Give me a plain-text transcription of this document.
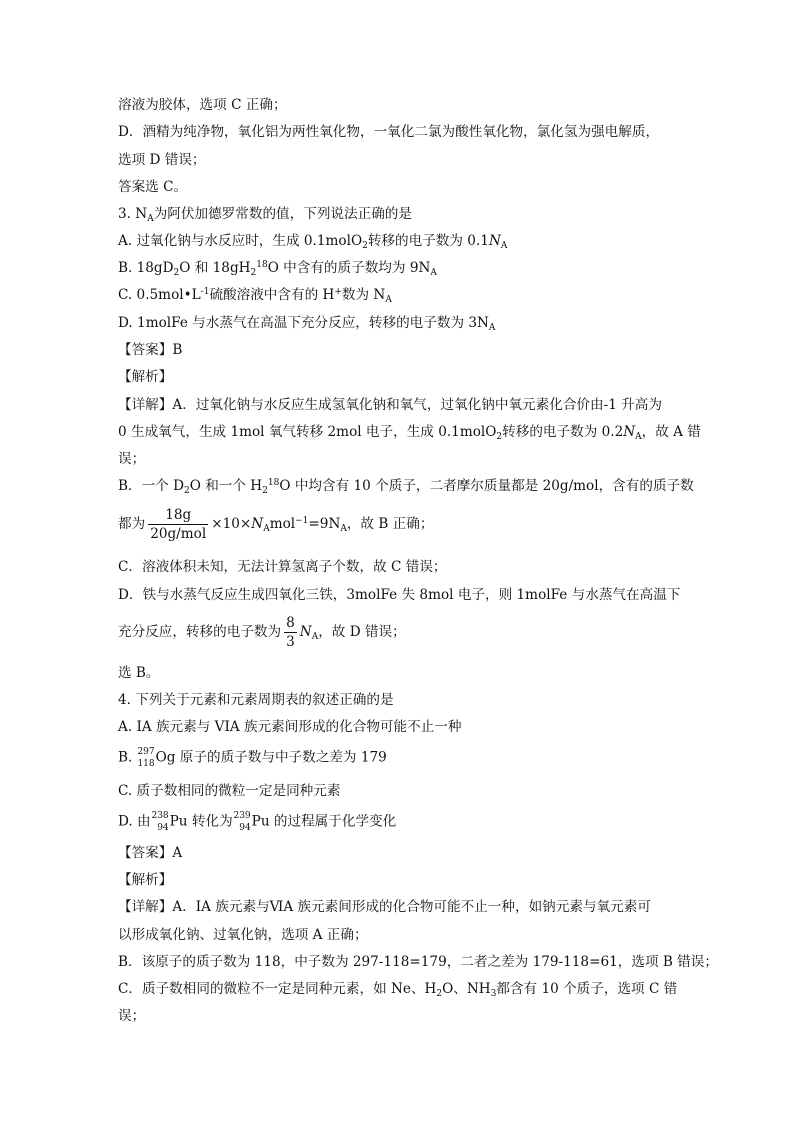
溶液为胶体，选项 C 正确；
D．酒精为纯净物，氧化铝为两性氧化物，一氧化二氯为酸性氧化物，氯化氢为强电解质，
选项 D 错误；
答案选 C。
3. $N_A$为阿伏加德罗常数的值，下列说法正确的是
A. 过氧化钠与水反应时，生成 0.1molO$_2$转移的电子数为 $0.1N_A$
B. $18gD_2O$ 和 $18gH_2^{18}O$ 中含有的质子数均为 $9N_A$
C. $0.5mol•L^{-1}$硫酸溶液中含有的 H+数为 $N_A$
D. 1molFe 与水蒸气在高温下充分反应，转移的电子数为 $3N_A$
【答案】B
【解析】
【详解】A．过氧化钠与水反应生成氢氧化钠和氧气，过氧化钠中氧元素化合价由-1 升高为
0 生成氧气，生成 1mol 氧气转移 2mol 电子，生成 0.1molO$_2$转移的电子数为 $0.2N_A$，故 A 错
误；
B．一个 $D_2O$ 和一个 $H_2^{18}O$ 中均含有 10 个质子，二者摩尔质量都是 20g/mol，含有的质子数
都为 $\frac{18g}{\text{20g/mol}} \times 10\times N_Amol^{-1}=9N_A$，故 B 正确；
C．溶液体积未知，无法计算氢离子个数，故 C 错误；
D．铁与水蒸气反应生成四氧化三铁，3molFe 失 8mol 电子，则 1molFe 与水蒸气在高温下
充分反应，转移的电子数为 $\frac{8}{3} N_A$，故 D 错误；
选 B。
4. 下列关于元素和元素周期表的叙述正确的是
A. IA 族元素与 VIA 族元素间形成的化合物可能不止一种
B. 297
118 Og 原子的质子数与中子数之差为 179
C. 质子数相同的微粒一定是同种元素
D. 由 238
94 Pu 转化为 239
94 Pu 的过程属于化学变化
【答案】A
【解析】
【详解】A．ⅠA 族元素与ⅥA 族元素间形成的化合物可能不止一种，如钠元素与氧元素可
以形成氧化钠、过氧化钠，选项 A 正确；
B．该原子的质子数为 118，中子数为 297-118=179，二者之差为 179-118=61，选项 B 错误；
C．质子数相同的微粒不一定是同种元素，如 Ne、$H_2O$、$NH_3$都含有 10 个质子，选项 C 错
误；
